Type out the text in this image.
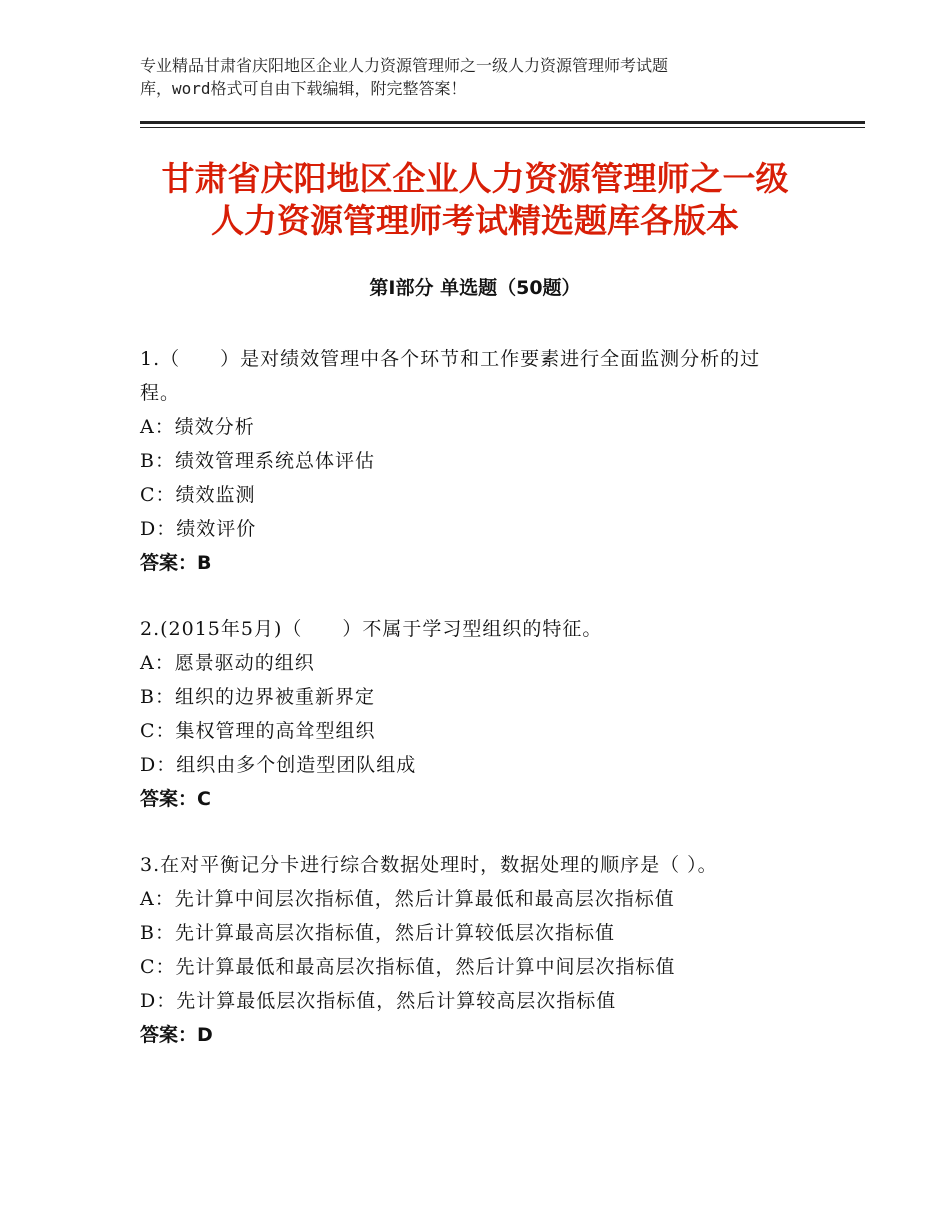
专业精品甘肃省庆阳地区企业人力资源管理师之一级人力资源管理师考试题

库，word格式可自由下载编辑，附完整答案！

甘肃省庆阳地区企业人力资源管理师之一级
人力资源管理师考试精选题库各版本
第Ⅰ部分 单选题（50题）

1.（　　）是对绩效管理中各个环节和工作要素进行全面监测分析的过
程。

A：绩效分析

B：绩效管理系统总体评估

C：绩效监测

D：绩效评价

答案：B

2.(2015年5月)（　　）不属于学习型组织的特征。

A：愿景驱动的组织

B：组织的边界被重新界定

C：集权管理的高耸型组织

D：组织由多个创造型团队组成

答案：C

3.在对平衡记分卡进行综合数据处理时，数据处理的顺序是（ ）。

A：先计算中间层次指标值，然后计算最低和最高层次指标值

B：先计算最高层次指标值，然后计算较低层次指标值

C：先计算最低和最高层次指标值，然后计算中间层次指标值

D：先计算最低层次指标值，然后计算较高层次指标值

答案：D
